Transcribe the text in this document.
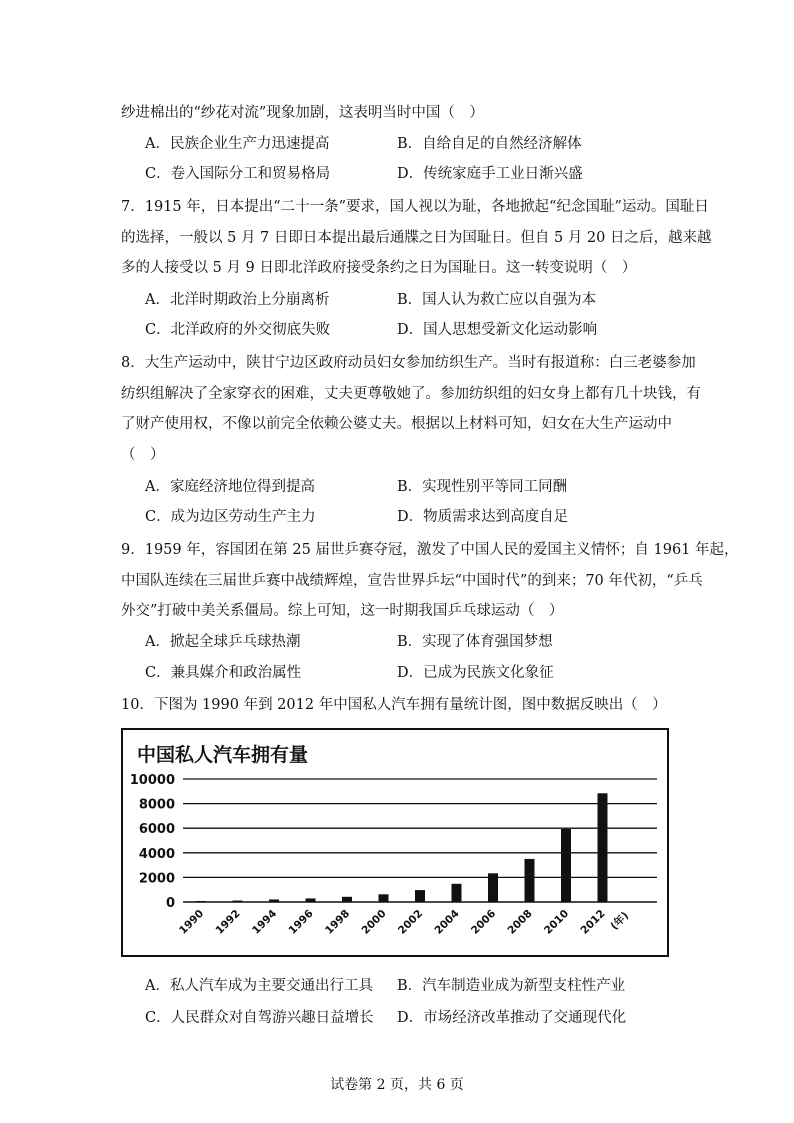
纱进棉出的“纱花对流”现象加剧，这表明当时中国（　）
A．民族企业生产力迅速提高	B．自给自足的自然经济解体
C．卷入国际分工和贸易格局	D．传统家庭手工业日渐兴盛
7．1915 年，日本提出“二十一条”要求，国人视以为耻，各地掀起“纪念国耻”运动。国耻日
的选择，一般以 5 月 7 日即日本提出最后通牒之日为国耻日。但自 5 月 20 日之后，越来越
多的人接受以 5 月 9 日即北洋政府接受条约之日为国耻日。这一转变说明（　）
A．北洋时期政治上分崩离析	B．国人认为救亡应以自强为本
C．北洋政府的外交彻底失败	D．国人思想受新文化运动影响
8．大生产运动中，陕甘宁边区政府动员妇女参加纺织生产。当时有报道称：白三老婆参加
纺织组解决了全家穿衣的困难，丈夫更尊敬她了。参加纺织组的妇女身上都有几十块钱，有
了财产使用权，不像以前完全依赖公婆丈夫。根据以上材料可知，妇女在大生产运动中
（　）
A．家庭经济地位得到提高	B．实现性别平等同工同酬
C．成为边区劳动生产主力	D．物质需求达到高度自足
9．1959 年，容国团在第 25 届世乒赛夺冠，激发了中国人民的爱国主义情怀；自 1961 年起，
中国队连续在三届世乒赛中战绩辉煌，宣告世界乒坛“中国时代”的到来；70 年代初，“乒乓
外交”打破中美关系僵局。综上可知，这一时期我国乒乓球运动（　）
A．掀起全球乒乓球热潮	B．实现了体育强国梦想
C．兼具媒介和政治属性	D．已成为民族文化象征
10．下图为 1990 年到 2012 年中国私人汽车拥有量统计图，图中数据反映出（　）
中国私人汽车拥有量
0
2000
4000
6000
8000
10000
1990 1992 1994 1996 1998 2000 2002 2004 2006 2008 2010 2012 (年)
A．私人汽车成为主要交通出行工具 B．汽车制造业成为新型支柱性产业
C．人民群众对自驾游兴趣日益增长 D．市场经济改革推动了交通现代化
试卷第 2 页，共 6 页
